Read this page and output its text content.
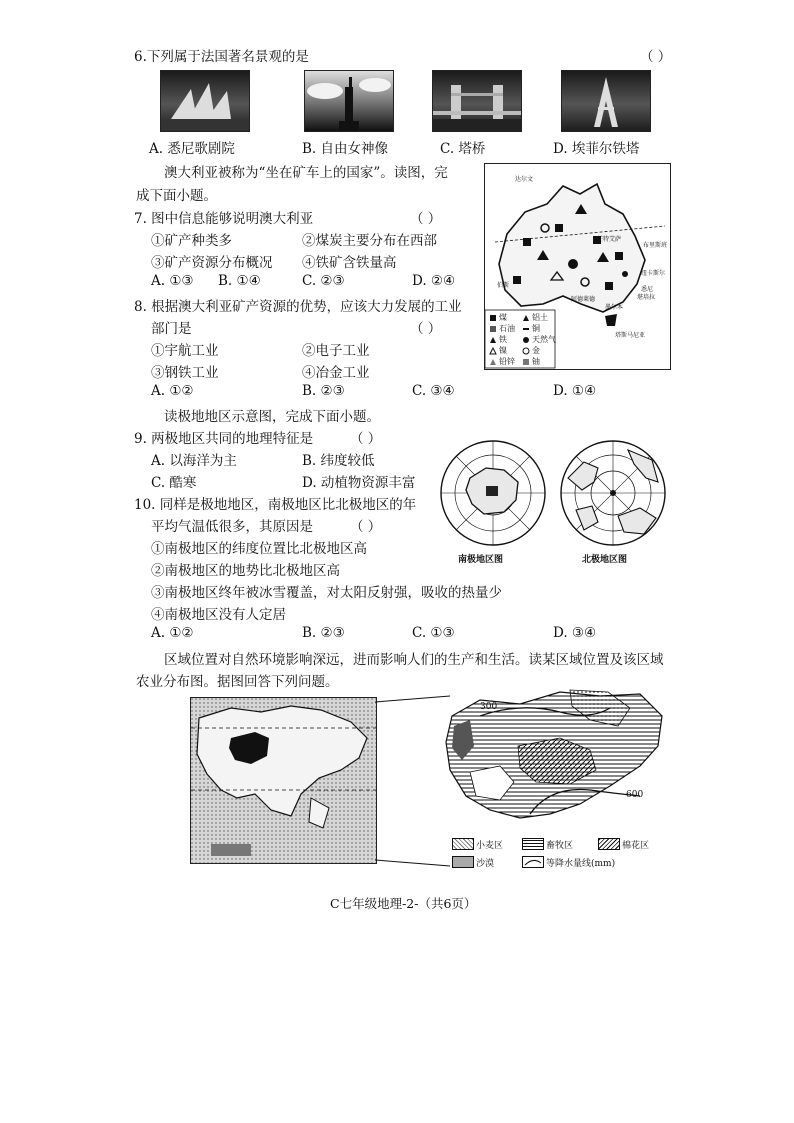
6.下列属于法国著名景观的是	（ ）
A. 悉尼歌剧院	B. 自由女神像	C. 塔桥	D. 埃菲尔铁塔
澳大利亚被称为“坐在矿车上的国家”。读图，完
成下面小题。
达尔文
芒特艾萨
布里斯班
纽卡斯尔
悉尼
伯斯
墨尔本
阿德莱德	堪培拉
塔斯马尼亚
煤	铝土
石油 铜
铁	天然气
镍	金
铅锌 铀
7. 图中信息能够说明澳大利亚	（ ）
①矿产种类多	②煤炭主要分布在西部
③矿产资源分布概况 ④铁矿含铁量高
A. ①③ B. ①④	C. ②③	D. ②④
8. 根据澳大利亚矿产资源的优势，应该大力发展的工业
部门是	（ ）
①宇航工业	②电子工业
③钢铁工业	④冶金工业
A. ①②	B. ②③	C. ③④	D. ①④
读极地地区示意图，完成下面小题。
9. 两极地区共同的地理特征是	（ ）
A. 以海洋为主	B. 纬度较低
C. 酷寒	D. 动植物资源丰富
南极地区图	北极地区图
10. 同样是极地地区，南极地区比北极地区的年
平均气温低很多，其原因是	（ ）
①南极地区的纬度位置比北极地区高
②南极地区的地势比北极地区高
③南极地区终年被冰雪覆盖，对太阳反射强，吸收的热量少
④南极地区没有人定居
A. ①②	B. ②③	C. ①③	D. ③④
区域位置对自然环境影响深远，进而影响人们的生产和生活。读某区域位置及该区域
农业分布图。据图回答下列问题。
300
600
小麦区	畜牧区	棉花区
沙漠	等降水量线(mm)
C七年级地理-2-（共6页）
